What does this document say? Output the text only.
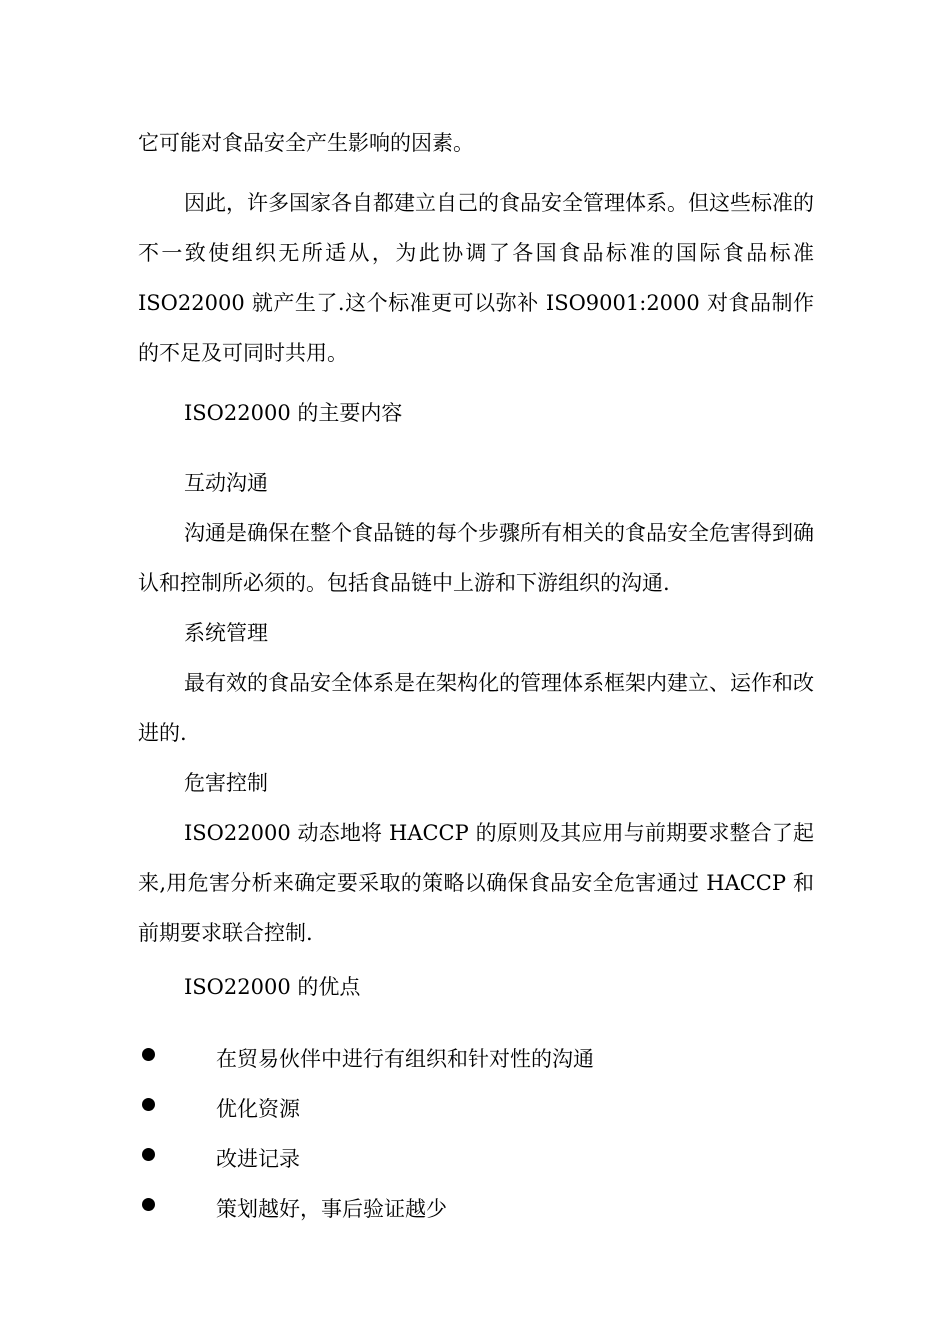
它可能对食品安全产生影响的因素。

因此，许多国家各自都建立自己的食品安全管理体系。但这些标准的不一致使组织无所适从，为此协调了各国食品标准的国际食品标准 ISO22000 就产生了.这个标准更可以弥补 ISO9001:2000 对食品制作的不足及可同时共用。

ISO22000 的主要内容

互动沟通

沟通是确保在整个食品链的每个步骤所有相关的食品安全危害得到确认和控制所必须的。包括食品链中上游和下游组织的沟通.

系统管理

最有效的食品安全体系是在架构化的管理体系框架内建立、运作和改进的.

危害控制

ISO22000 动态地将 HACCP 的原则及其应用与前期要求整合了起来,用危害分析来确定要采取的策略以确保食品安全危害通过 HACCP 和前期要求联合控制.

ISO22000 的优点

在贸易伙伴中进行有组织和针对性的沟通
优化资源
改进记录
策划越好，事后验证越少
